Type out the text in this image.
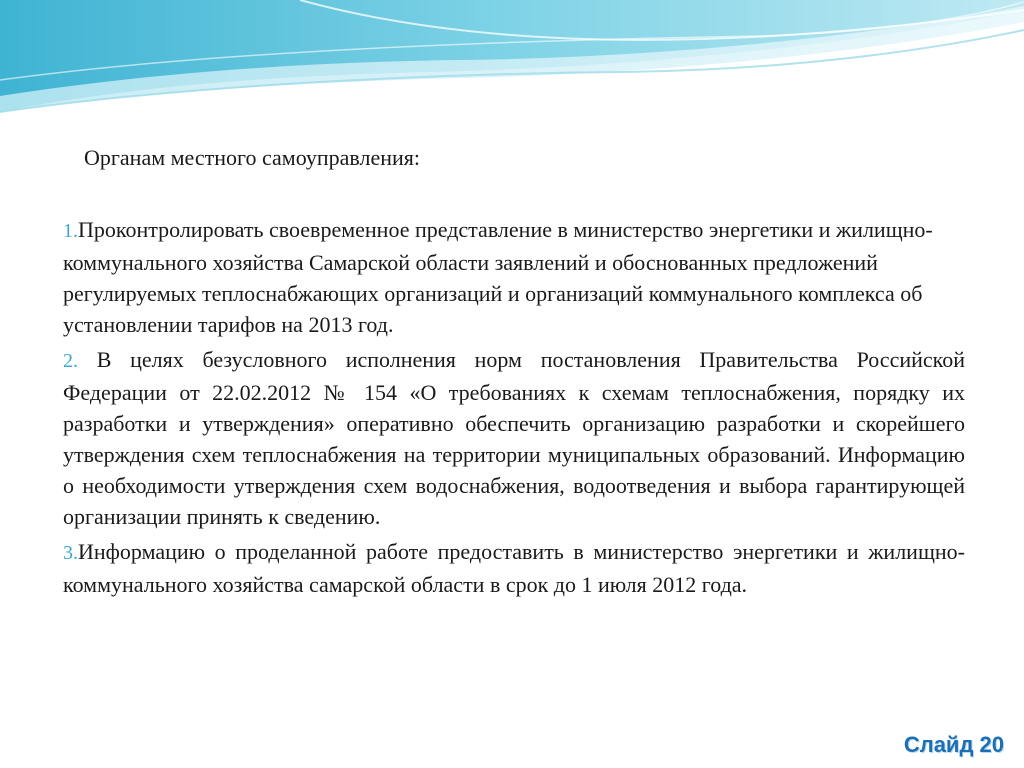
Органам местного самоуправления:

1.Проконтролировать своевременное представление в министерство энергетики и жилищно-коммунального хозяйства Самарской области заявлений и обоснованных предложений регулируемых теплоснабжающих организаций и организаций коммунального комплекса об установлении тарифов на 2013 год.
2. В целях безусловного исполнения норм постановления Правительства Российской Федерации от 22.02.2012 № 154 «О требованиях к схемам теплоснабжения, порядку их разработки и утверждения» оперативно обеспечить организацию разработки и скорейшего утверждения схем теплоснабжения на территории муниципальных образований. Информацию о необходимости утверждения схем водоснабжения, водоотведения и выбора гарантирующей организации принять к сведению.
3.Информацию о проделанной работе предоставить в министерство энергетики и жилищно-коммунального хозяйства самарской области в срок до 1 июля 2012 года.
Слайд 20
